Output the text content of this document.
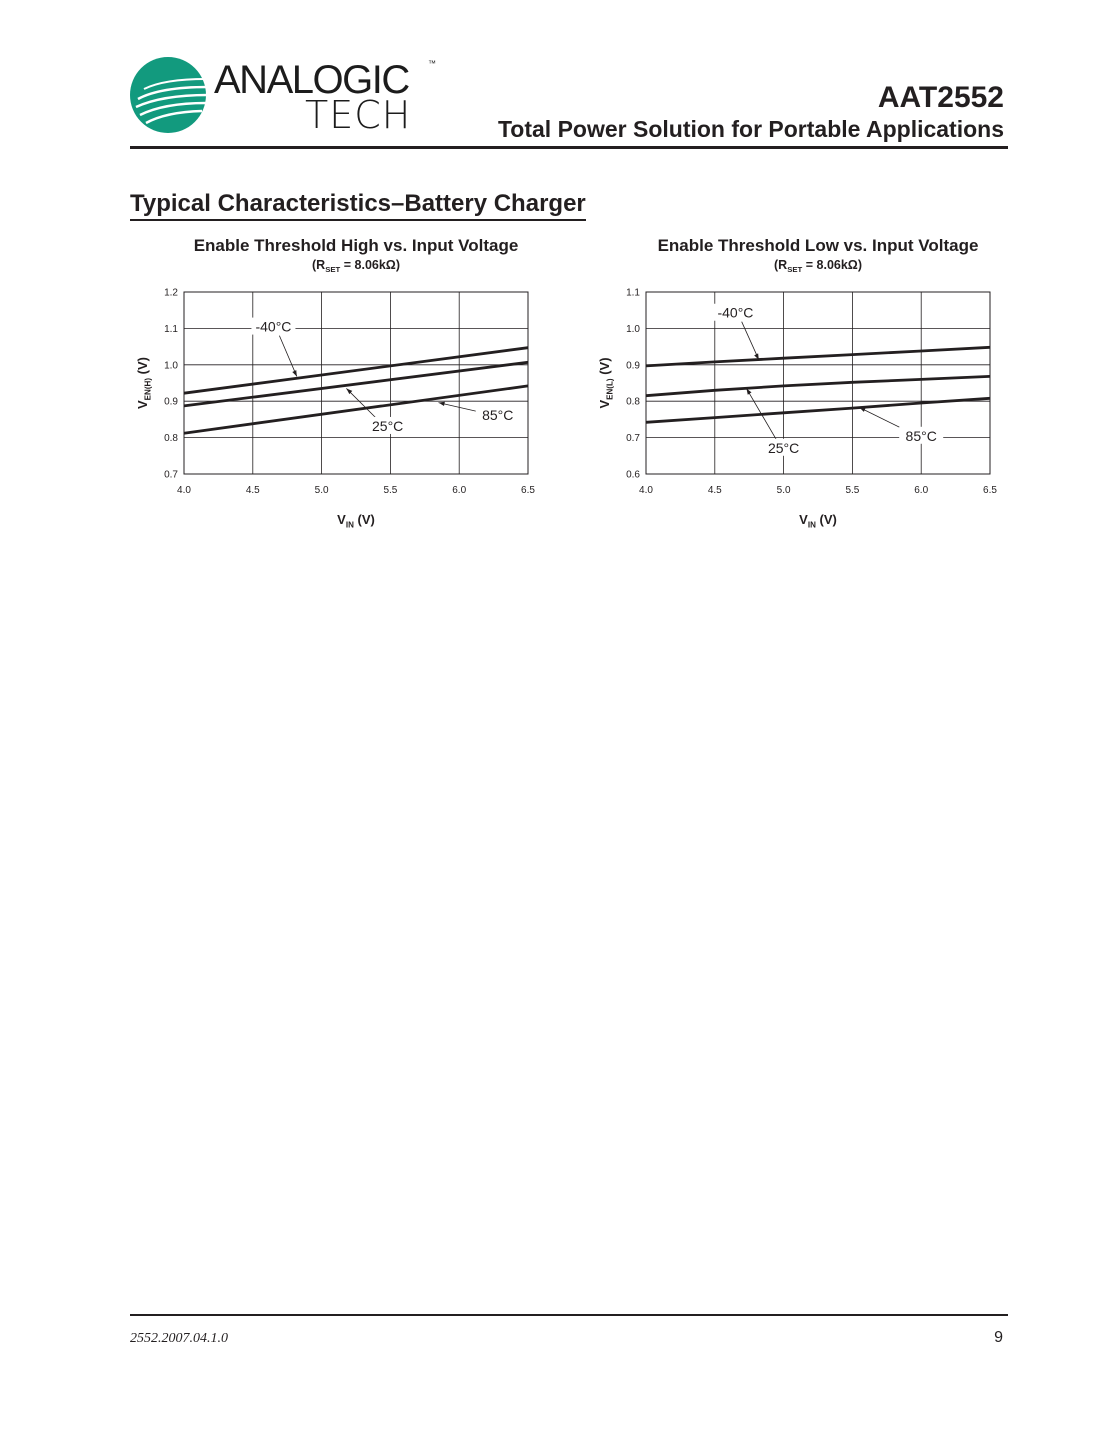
ANALOGIC
TECH
™
AAT2552
Total Power Solution for Portable Applications
Typical Characteristics–Battery Charger
Enable Threshold High vs. Input Voltage
$(R_{SET} = 8.06k\Omega)$
4.0	4.5	5.0	5.5	6.0	6.5
0.7
0.8
0.9
1.0
1.1
1.2
-40°C
25°C
85°C
$V_{IN}$ (V)
$V_{EN(H)}$ (V)
Enable Threshold Low vs. Input Voltage
$(R_{SET} = 8.06k\Omega)$
4.0	4.5	5.0	5.5	6.0	6.5
0.6
0.7
0.8
0.9
1.0
1.1
-40°C
25°C
85°C
$V_{IN}$ (V)
$V_{EN(L)}$ (V)
2552.2007.04.1.0	9
